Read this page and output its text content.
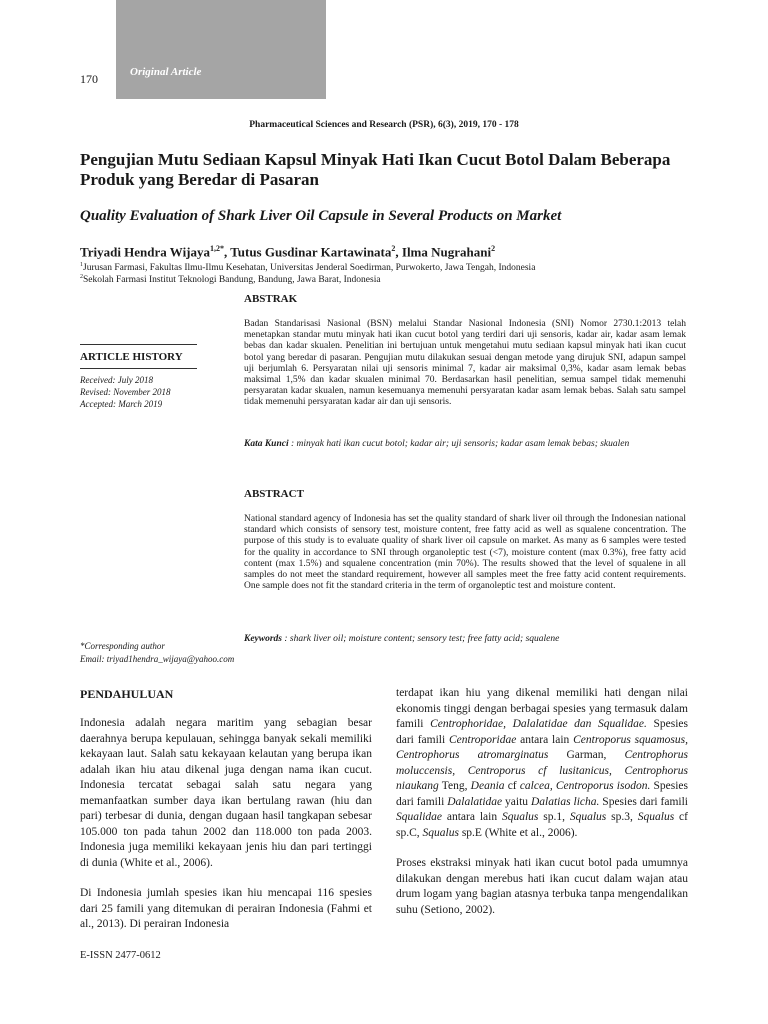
Original Article
170
Pharmaceutical Sciences and Research (PSR), 6(3), 2019, 170 - 178
Pengujian Mutu Sediaan Kapsul Minyak Hati Ikan Cucut Botol Dalam Beberapa Produk yang Beredar di Pasaran
Quality Evaluation of Shark Liver Oil Capsule in Several Products on Market
Triyadi Hendra Wijaya$^{1,2*}$, Tutus Gusdinar Kartawinata$^2$, Ilma Nugrahani$^2$
$^1$Jurusan Farmasi, Fakultas Ilmu-Ilmu Kesehatan, Universitas Jenderal Soedirman, Purwokerto, Jawa Tengah, Indonesia
$^2$Sekolah Farmasi Institut Teknologi Bandung, Bandung, Jawa Barat, Indonesia
ABSTRAK
Badan Standarisasi Nasional (BSN) melalui Standar Nasional Indonesia (SNI) Nomor 2730.1:2013 telah menetapkan standar mutu minyak hati ikan cucut botol yang terdiri dari uji sensoris, kadar air, kadar asam lemak bebas dan kadar skualen. Penelitian ini bertujuan untuk mengetahui mutu sediaan kapsul minyak hati ikan cucut botol yang beredar di pasaran. Pengujian mutu dilakukan sesuai dengan metode yang dirujuk SNI, adapun sampel uji berjumlah 6. Persyaratan nilai uji sensoris minimal 7, kadar air maksimal 0,3%, kadar asam lemak bebas maksimal 1,5% dan kadar skualen minimal 70. Berdasarkan hasil penelitian, semua sampel tidak memenuhi persyaratan kadar skualen, namun kesemuanya memenuhi persyaratan kadar asam lemak bebas. Salah satu sampel tidak memenuhi persyaratan kadar air dan uji sensoris.
Kata Kunci : minyak hati ikan cucut botol; kadar air; uji sensoris; kadar asam lemak bebas; skualen
ARTICLE HISTORY
Received: July 2018
Revised: November 2018
Accepted: March 2019
ABSTRACT
National standard agency of Indonesia has set the quality standard of shark liver oil through the Indonesian national standard which consists of sensory test, moisture content, free fatty acid as well as squalene concentration. The purpose of this study is to evaluate quality of shark liver oil capsule on market. As many as 6 samples were tested for the quality in accordance to SNI through organoleptic test (<7), moisture content (max 0.3%), free fatty acid content (max 1.5%) and squalene concentration (min 70%). The results showed that the level of squalene in all samples do not meet the standard requirement, however all samples meet the free fatty acid content requirements. One sample does not fit the standard criteria in the term of organoleptic test and moisture content.
Keywords : shark liver oil; moisture content; sensory test; free fatty acid; squalene
*Corresponding author
Email: triyad1hendra_wijaya@yahoo.com
PENDAHULUAN

Indonesia adalah negara maritim yang sebagian besar daerahnya berupa kepulauan, sehingga banyak sekali memiliki kekayaan laut. Salah satu kekayaan kelautan yang berupa ikan adalah ikan hiu atau dikenal juga dengan nama ikan cucut. Indonesia tercatat sebagai salah satu negara yang memanfaatkan sumber daya ikan bertulang rawan (hiu dan pari) terbesar di dunia, dengan dugaan hasil tangkapan sebesar 105.000 ton pada tahun 2002 dan 118.000 ton pada 2003. Indonesia juga memiliki kekayaan jenis hiu dan pari tertinggi di dunia (White et al., 2006).

Di Indonesia jumlah spesies ikan hiu mencapai 116 spesies dari 25 famili yang ditemukan di perairan Indonesia (Fahmi et al., 2013). Di perairan Indonesia

terdapat ikan hiu yang dikenal memiliki hati dengan nilai ekonomis tinggi dengan berbagai spesies yang termasuk dalam famili Centrophoridae, Dalalatidae dan Squalidae. Spesies dari famili Centroporidae antara lain Centroporus squamosus, Centrophorus atromarginatus Garman, Centrophorus moluccensis, Centroporus cf lusitanicus, Centrophorus niaukang Teng, Deania cf calcea, Centroporus isodon. Spesies dari famili Dalalatidae yaitu Dalatias licha. Spesies dari famili Squalidae antara lain Squalus sp.1, Squalus sp.3, Squalus cf sp.C, Squalus sp.E (White et al., 2006).

Proses ekstraksi minyak hati ikan cucut botol pada umumnya dilakukan dengan merebus hati ikan cucut dalam wajan atau drum logam yang bagian atasnya terbuka tanpa mengendalikan suhu (Setiono, 2002).

E-ISSN 2477-0612
